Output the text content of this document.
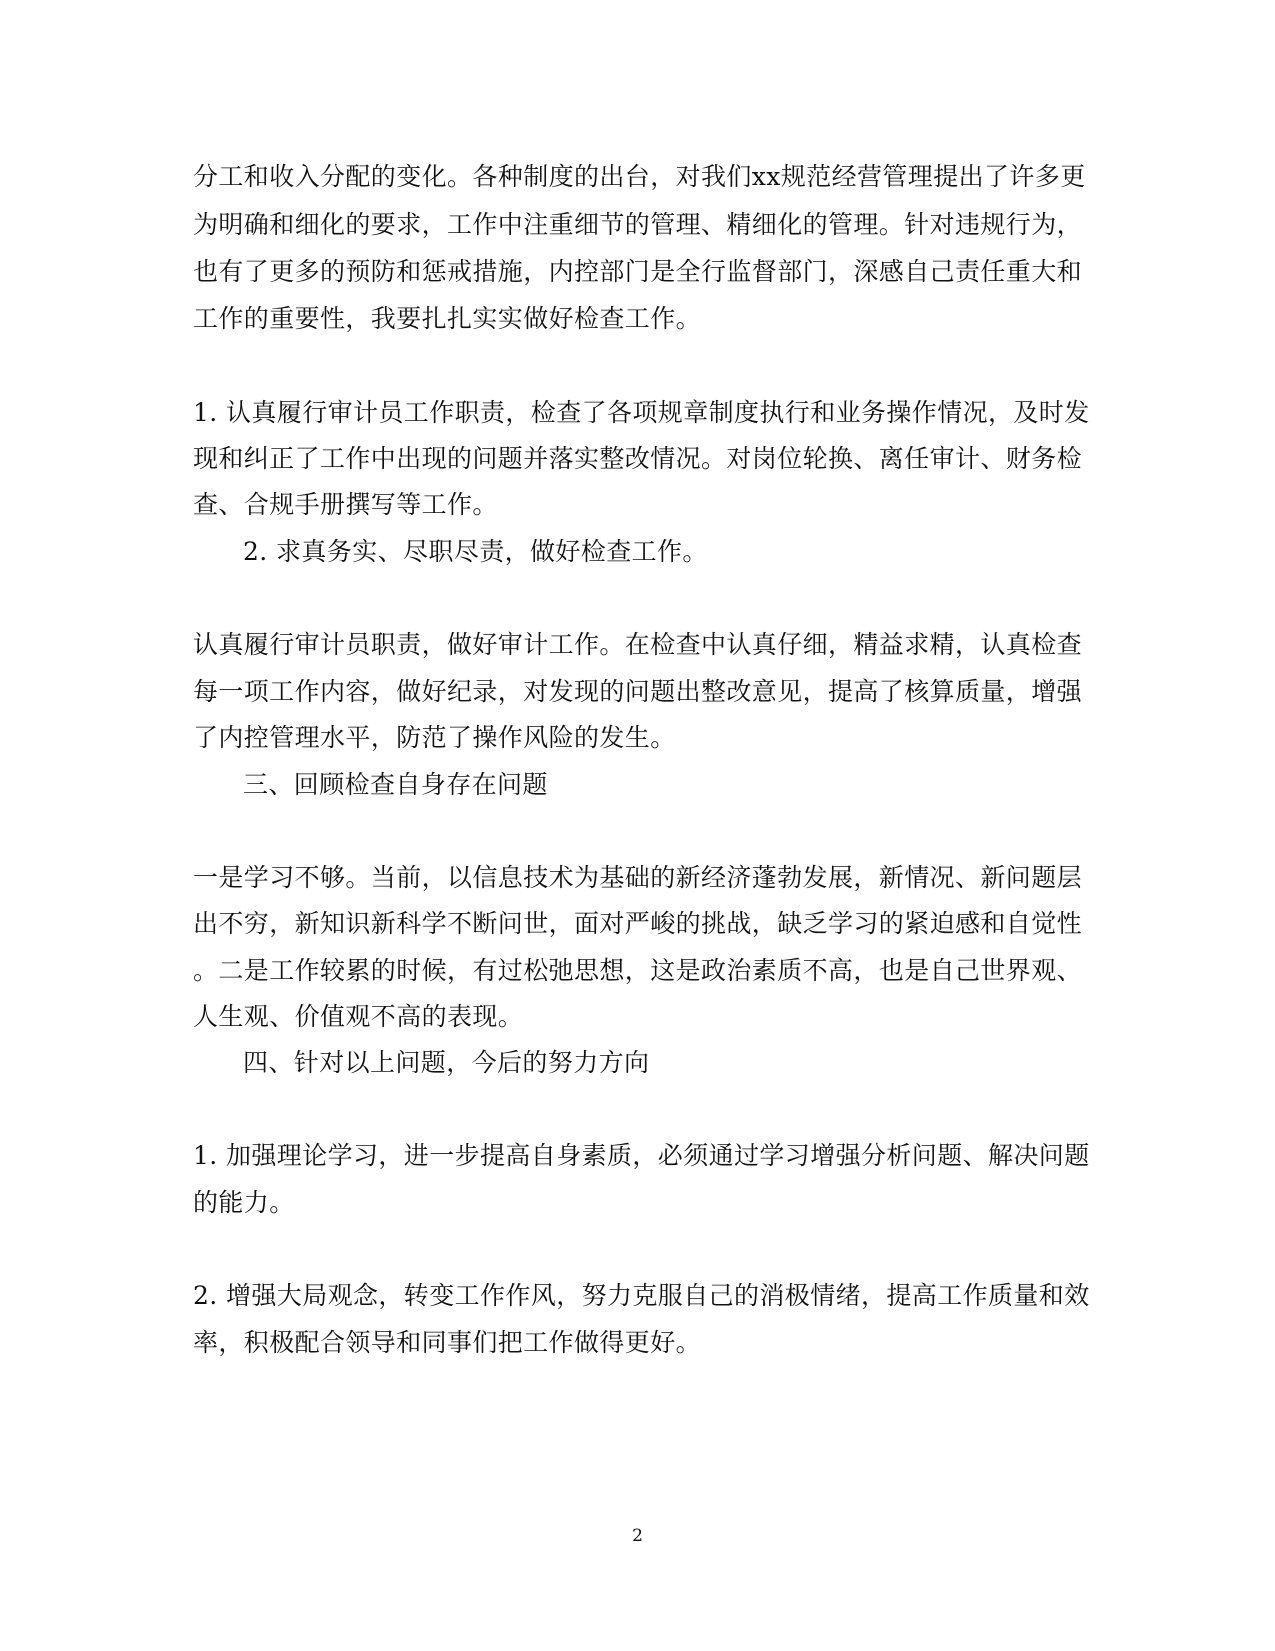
分工和收入分配的变化。各种制度的出台，对我们xx规范经营管理提出了许多更
为明确和细化的要求，工作中注重细节的管理、精细化的管理。针对违规行为，
也有了更多的预防和惩戒措施，内控部门是全行监督部门，深感自己责任重大和
工作的重要性，我要扎扎实实做好检查工作。
1. 认真履行审计员工作职责，检查了各项规章制度执行和业务操作情况，及时发
现和纠正了工作中出现的问题并落实整改情况。对岗位轮换、离任审计、财务检
查、合规手册撰写等工作。
2. 求真务实、尽职尽责，做好检查工作。
认真履行审计员职责，做好审计工作。在检查中认真仔细，精益求精，认真检查
每一项工作内容，做好纪录，对发现的问题出整改意见，提高了核算质量，增强
了内控管理水平，防范了操作风险的发生。
三、回顾检查自身存在问题
一是学习不够。当前，以信息技术为基础的新经济蓬勃发展，新情况、新问题层
出不穷，新知识新科学不断问世，面对严峻的挑战，缺乏学习的紧迫感和自觉性
。二是工作较累的时候，有过松弛思想，这是政治素质不高，也是自己世界观、
人生观、价值观不高的表现。
四、针对以上问题，今后的努力方向
1. 加强理论学习，进一步提高自身素质，必须通过学习增强分析问题、解决问题
的能力。
2. 增强大局观念，转变工作作风，努力克服自己的消极情绪，提高工作质量和效
率，积极配合领导和同事们把工作做得更好。
2
